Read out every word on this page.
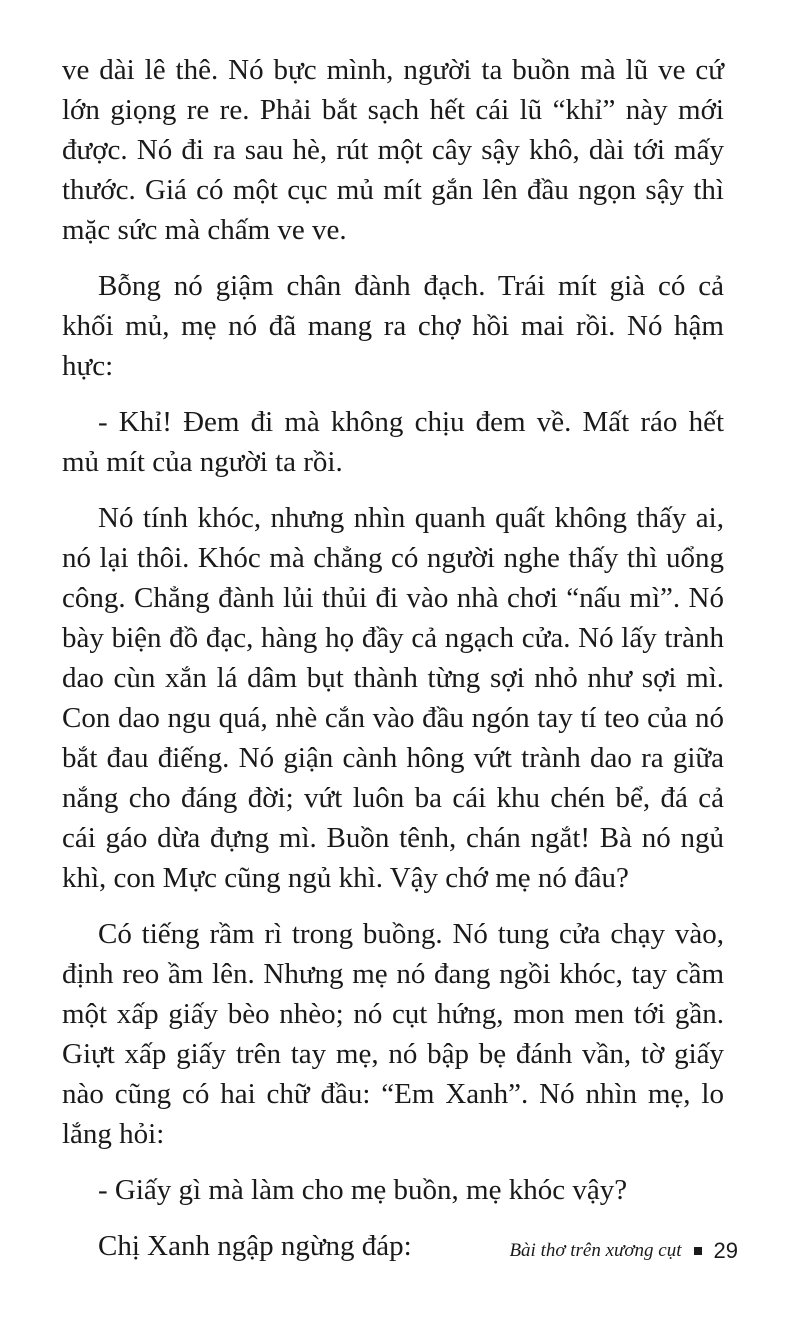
ve dài lê thê. Nó bực mình, người ta buồn mà lũ ve cứ lớn giọng re re. Phải bắt sạch hết cái lũ “khỉ” này mới được. Nó đi ra sau hè, rút một cây sậy khô, dài tới mấy thước. Giá có một cục mủ mít gắn lên đầu ngọn sậy thì mặc sức mà chấm ve ve.

Bỗng nó giậm chân đành đạch. Trái mít già có cả khối mủ, mẹ nó đã mang ra chợ hồi mai rồi. Nó hậm hực:

- Khỉ! Đem đi mà không chịu đem về. Mất ráo hết mủ mít của người ta rồi.

Nó tính khóc, nhưng nhìn quanh quất không thấy ai, nó lại thôi. Khóc mà chẳng có người nghe thấy thì uổng công. Chẳng đành lủi thủi đi vào nhà chơi “nấu mì”. Nó bày biện đồ đạc, hàng họ đầy cả ngạch cửa. Nó lấy trành dao cùn xắn lá dâm bụt thành từng sợi nhỏ như sợi mì. Con dao ngu quá, nhè cắn vào đầu ngón tay tí teo của nó bắt đau điếng. Nó giận cành hông vứt trành dao ra giữa nắng cho đáng đời; vứt luôn ba cái khu chén bể, đá cả cái gáo dừa đựng mì. Buồn tênh, chán ngắt! Bà nó ngủ khì, con Mực cũng ngủ khì. Vậy chớ mẹ nó đâu?

Có tiếng rầm rì trong buồng. Nó tung cửa chạy vào, định reo ầm lên. Nhưng mẹ nó đang ngồi khóc, tay cầm một xấp giấy bèo nhèo; nó cụt hứng, mon men tới gần. Giựt xấp giấy trên tay mẹ, nó bập bẹ đánh vần, tờ giấy nào cũng có hai chữ đầu: “Em Xanh”. Nó nhìn mẹ, lo lắng hỏi:

- Giấy gì mà làm cho mẹ buồn, mẹ khóc vậy?

Chị Xanh ngập ngừng đáp:	Bài thơ trên xương cụt 29
